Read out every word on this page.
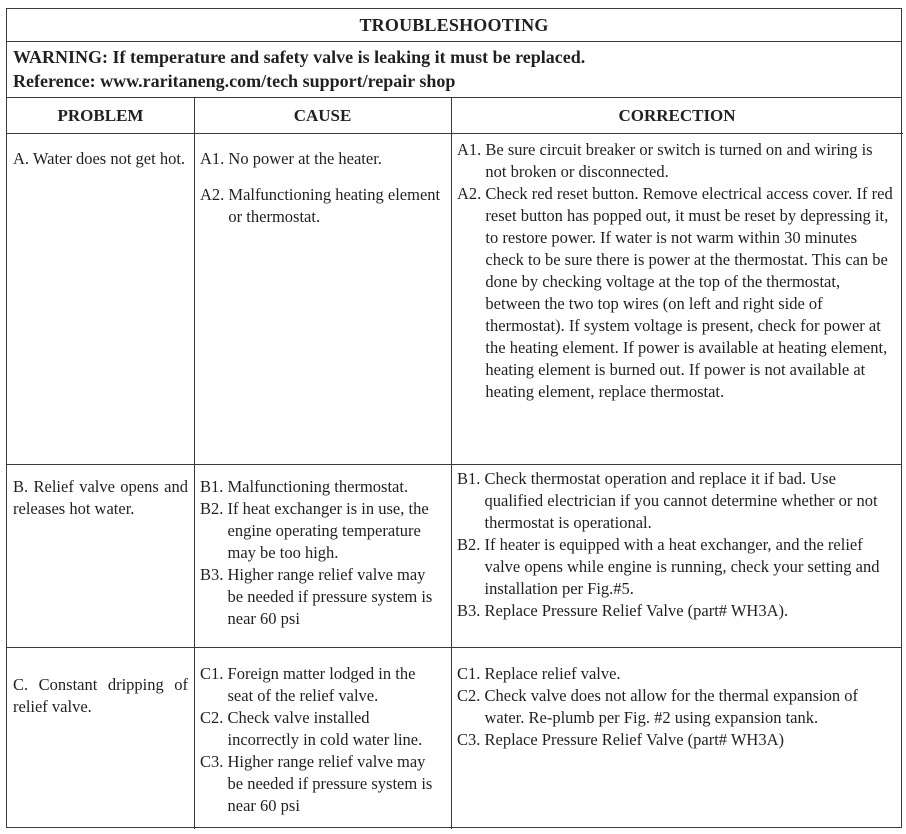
TROUBLESHOOTING
WARNING: If temperature and safety valve is leaking it must be replaced.
Reference: www.raritaneng.com/tech support/repair shop
PROBLEM	CAUSE	CORRECTION
A. Water does not get hot. A1. No power at the heater.
A2. Malfunctioning heating element or thermostat.
A1. Be sure circuit breaker or switch is turned on and wiring is not broken or disconnected.
A2. Check red reset button. Remove electrical access cover. If red reset button has popped out, it must be reset by depressing it, to restore power. If water is not warm within 30 minutes check to be sure there is power at the thermostat. This can be done by checking voltage at the top of the thermostat, between the two top wires (on left and right side of thermostat). If system voltage is present, check for power at the heating element. If power is available at heating element, heating element is burned out. If power is not available at heating element, replace thermostat.
B. Relief valve opens and releases hot water.
B1. Malfunctioning thermostat.
B2. If heat exchanger is in use, the engine operating temperature may be too high.
B3. Higher range relief valve may be needed if pressure system is near 60 psi
B1. Check thermostat operation and replace it if bad. Use qualified electrician if you cannot determine whether or not thermostat is operational.
B2. If heater is equipped with a heat exchanger, and the relief valve opens while engine is running, check your setting and installation per Fig.#5.
B3. Replace Pressure Relief Valve (part# WH3A).
C. Constant dripping of relief valve.
C1. Foreign matter lodged in the seat of the relief valve.
C2. Check valve installed incorrectly in cold water line.
C3. Higher range relief valve may be needed if pressure system is near 60 psi
C1. Replace relief valve.
C2. Check valve does not allow for the thermal expansion of water. Re-plumb per Fig. #2 using expansion tank.
C3. Replace Pressure Relief Valve (part# WH3A)
